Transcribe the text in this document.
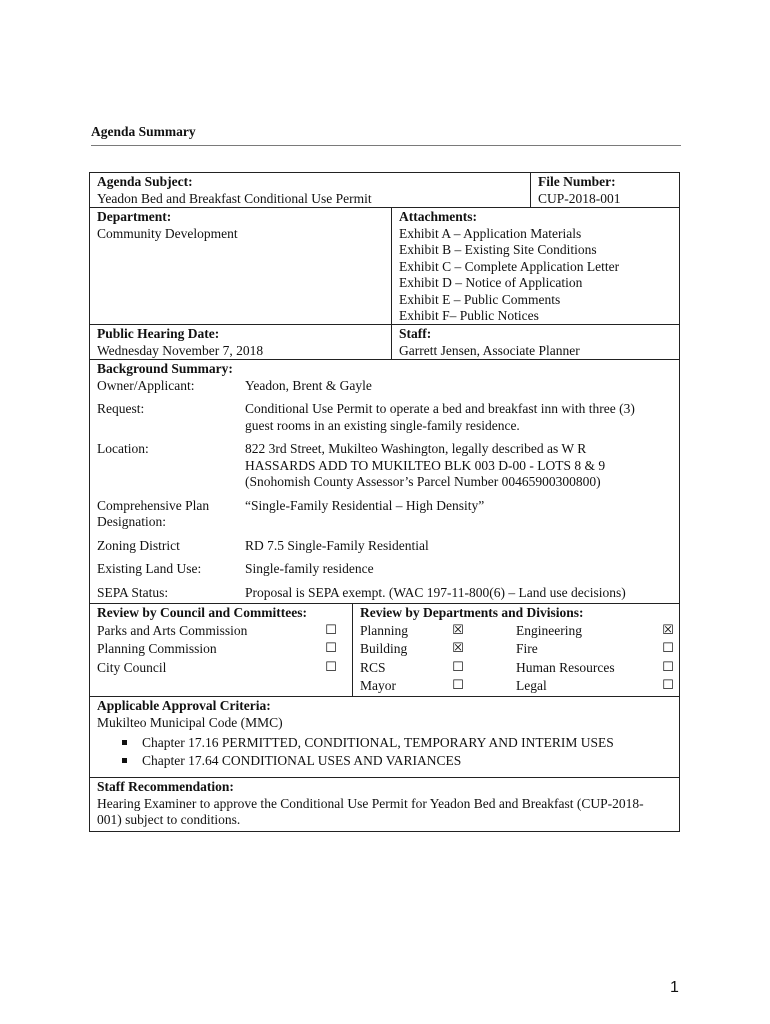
Agenda Summary
Agenda Subject:
Yeadon Bed and Breakfast Conditional Use Permit
File Number:
CUP-2018-001
Department:
Community Development
Attachments:
Exhibit A – Application Materials
Exhibit B – Existing Site Conditions
Exhibit C – Complete Application Letter
Exhibit D – Notice of Application
Exhibit E – Public Comments
Exhibit F– Public Notices
Public Hearing Date:
Wednesday November 7, 2018
Staff:
Garrett Jensen, Associate Planner
Background Summary:
Owner/Applicant:	Yeadon, Brent & Gayle
Request:	Conditional Use Permit to operate a bed and breakfast inn with three (3)
guest rooms in an existing single-family residence.
Location:	822 3rd Street, Mukilteo Washington, legally described as W R
HASSARDS ADD TO MUKILTEO BLK 003 D-00 - LOTS 8 & 9
(Snohomish County Assessor’s Parcel Number 00465900300800)
Comprehensive Plan
Designation:
“Single-Family Residential – High Density”
Zoning District	RD 7.5 Single-Family Residential
Existing Land Use:	Single-family residence
SEPA Status:	Proposal is SEPA exempt. (WAC 197-11-800(6) – Land use decisions)
Review by Council and Committees:
Parks and Arts Commission	☐
Planning Commission	☐
City Council	☐
Review by Departments and Divisions:
Planning	☒	Engineering	☒
Building	☒	Fire	☐
RCS	☐	Human Resources	☐
Mayor	☐	Legal	☐
Applicable Approval Criteria:
Mukilteo Municipal Code (MMC)
Chapter 17.16 PERMITTED, CONDITIONAL, TEMPORARY AND INTERIM USES
Chapter 17.64 CONDITIONAL USES AND VARIANCES
Staff Recommendation:
Hearing Examiner to approve the Conditional Use Permit for Yeadon Bed and Breakfast (CUP-2018-
001) subject to conditions.
1
